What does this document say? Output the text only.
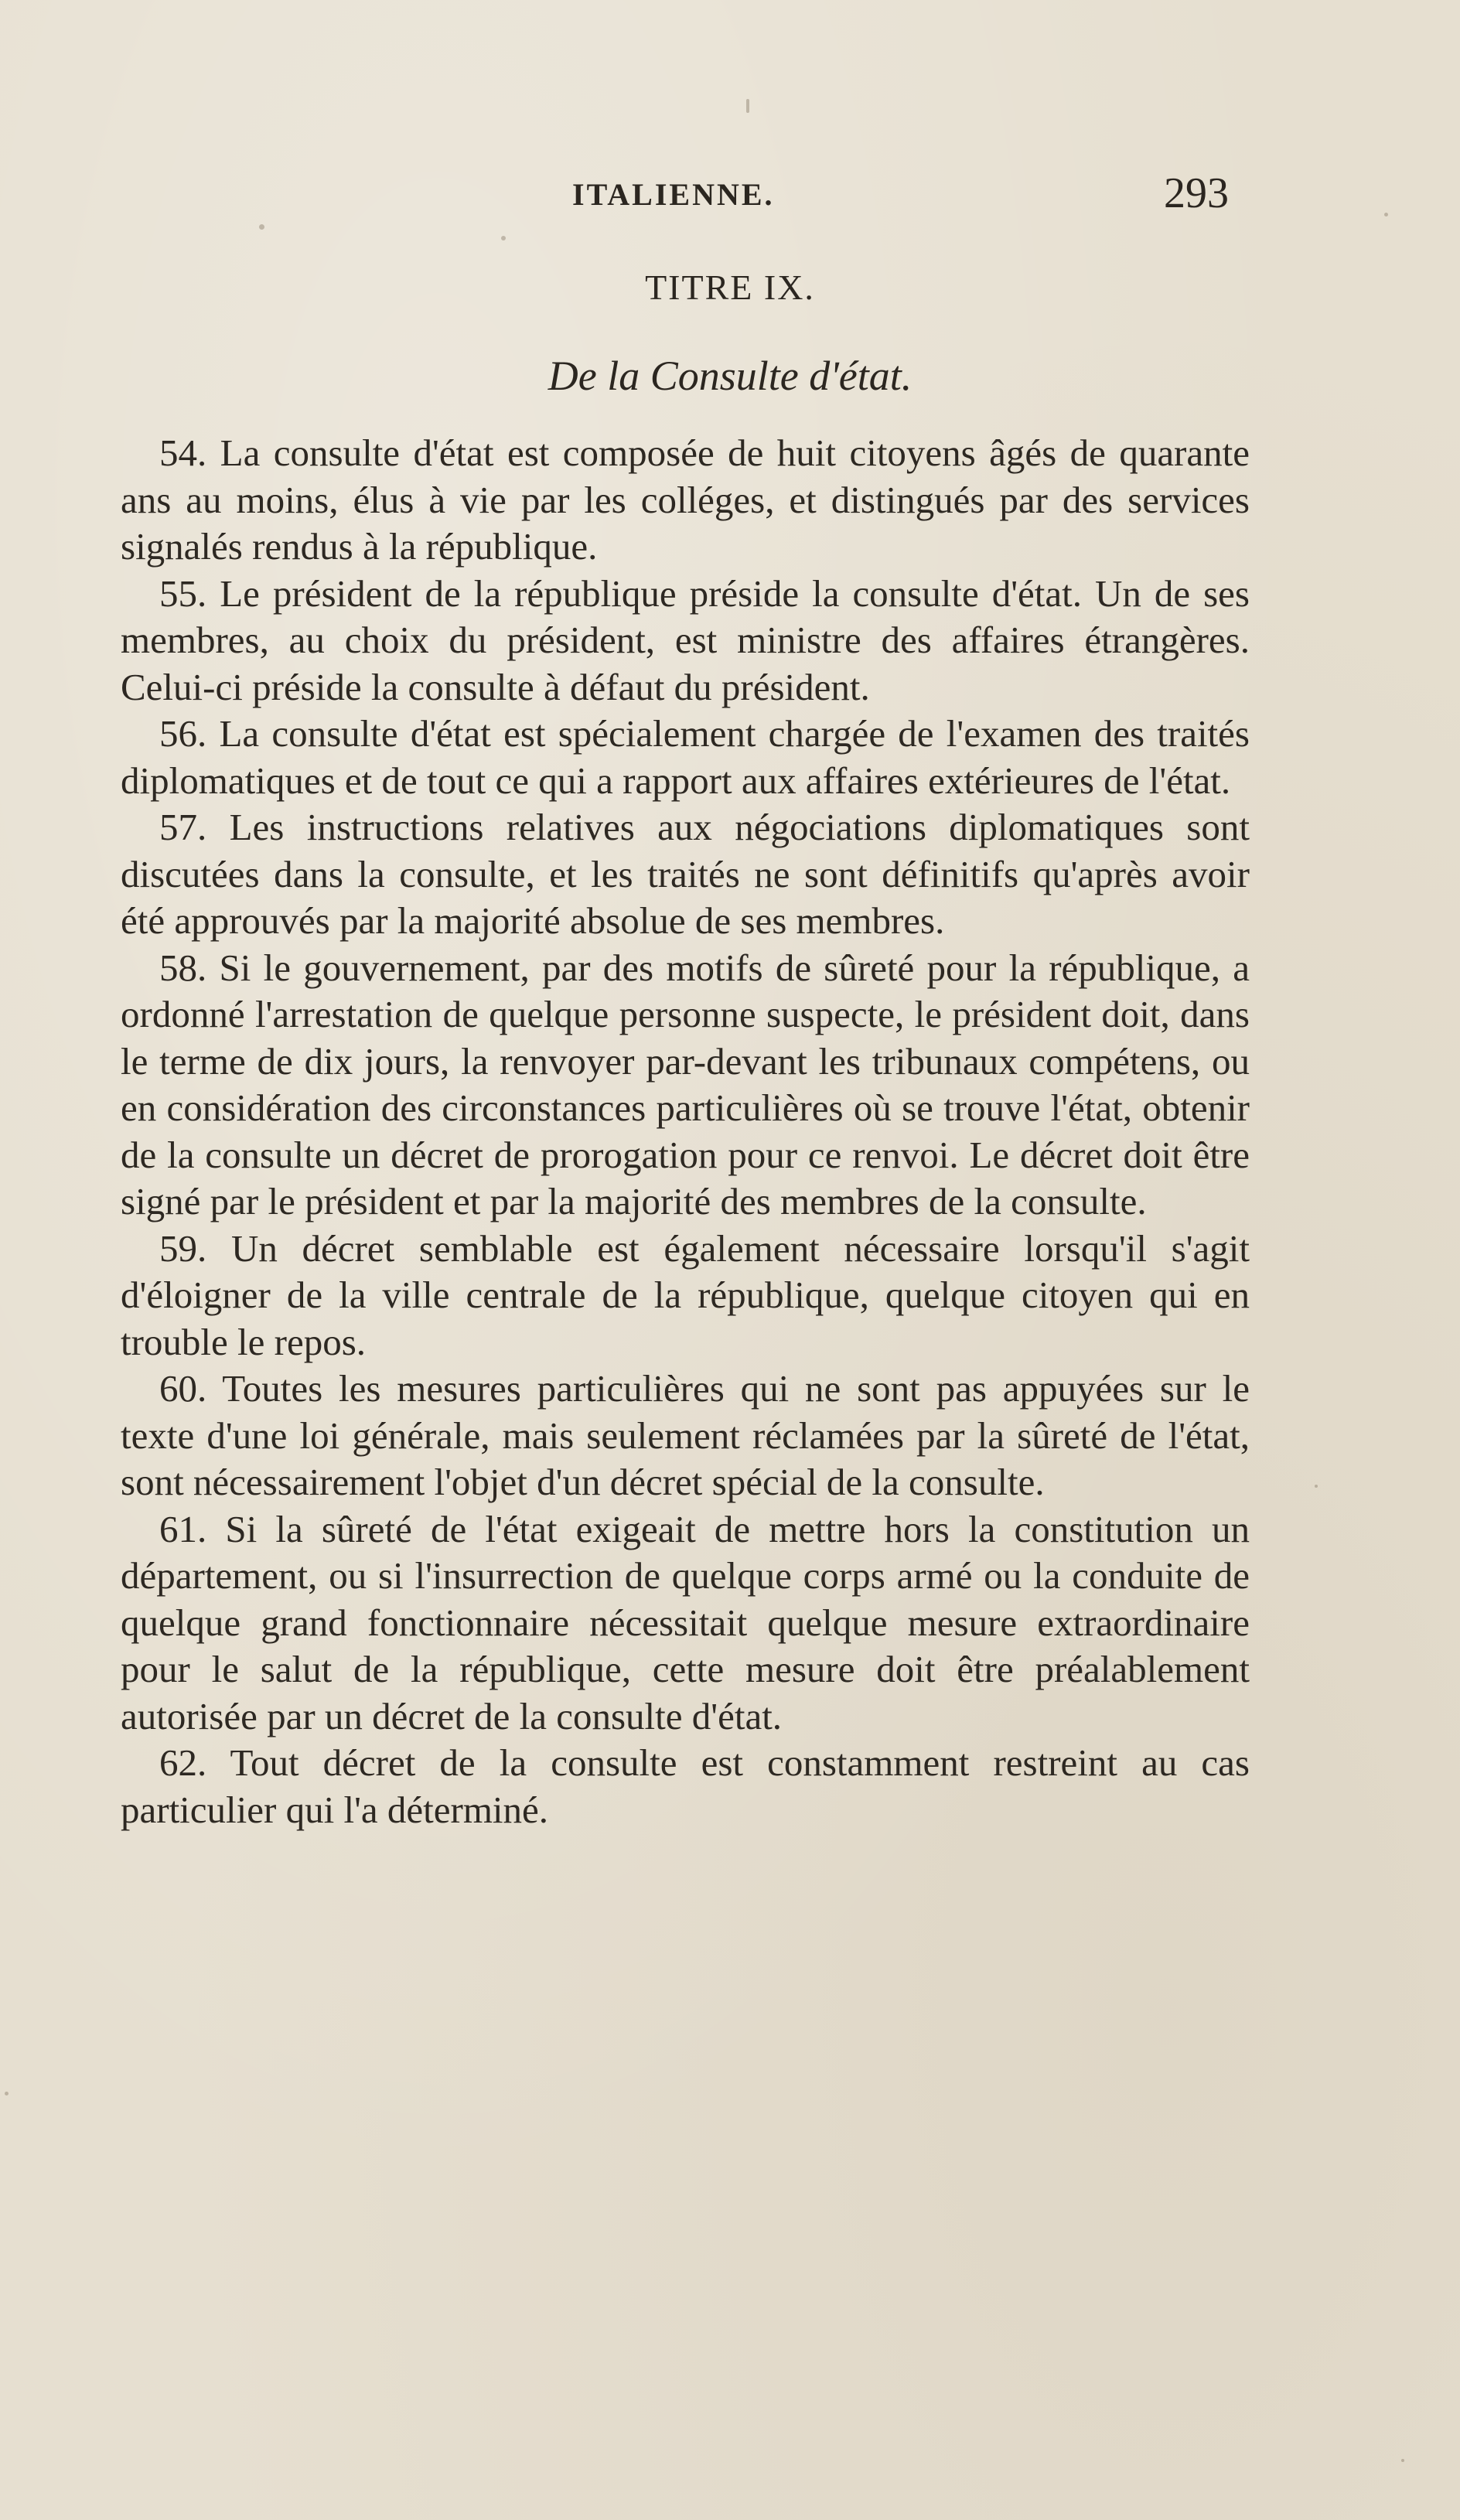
ITALIENNE.	293
TITRE IX.
De la Consulte d'état.

54. La consulte d'état est composée de huit citoyens âgés de quarante ans au moins, élus à vie par les colléges, et distingués par des services signalés rendus à la république.

55. Le président de la république préside la consulte d'état. Un de ses membres, au choix du président, est ministre des affaires étrangères. Celui-ci préside la consulte à défaut du président.

56. La consulte d'état est spécialement chargée de l'examen des traités diplomatiques et de tout ce qui a rapport aux affaires extérieures de l'état.

57. Les instructions relatives aux négociations diplomatiques sont discutées dans la consulte, et les traités ne sont définitifs qu'après avoir été approuvés par la majorité absolue de ses membres.

58. Si le gouvernement, par des motifs de sûreté pour la république, a ordonné l'arrestation de quelque personne suspecte, le président doit, dans le terme de dix jours, la renvoyer par-devant les tribunaux compétens, ou en considération des circonstances particulières où se trouve l'état, obtenir de la consulte un décret de prorogation pour ce renvoi. Le décret doit être signé par le président et par la majorité des membres de la consulte.

59. Un décret semblable est également nécessaire lorsqu'il s'agit d'éloigner de la ville centrale de la république, quelque citoyen qui en trouble le repos.

60. Toutes les mesures particulières qui ne sont pas appuyées sur le texte d'une loi générale, mais seulement réclamées par la sûreté de l'état, sont nécessairement l'objet d'un décret spécial de la consulte.

61. Si la sûreté de l'état exigeait de mettre hors la constitution un département, ou si l'insurrection de quelque corps armé ou la conduite de quelque grand fonctionnaire nécessitait quelque mesure extraordinaire pour le salut de la république, cette mesure doit être préalablement autorisée par un décret de la consulte d'état.

62. Tout décret de la consulte est constamment restreint au cas particulier qui l'a déterminé.
